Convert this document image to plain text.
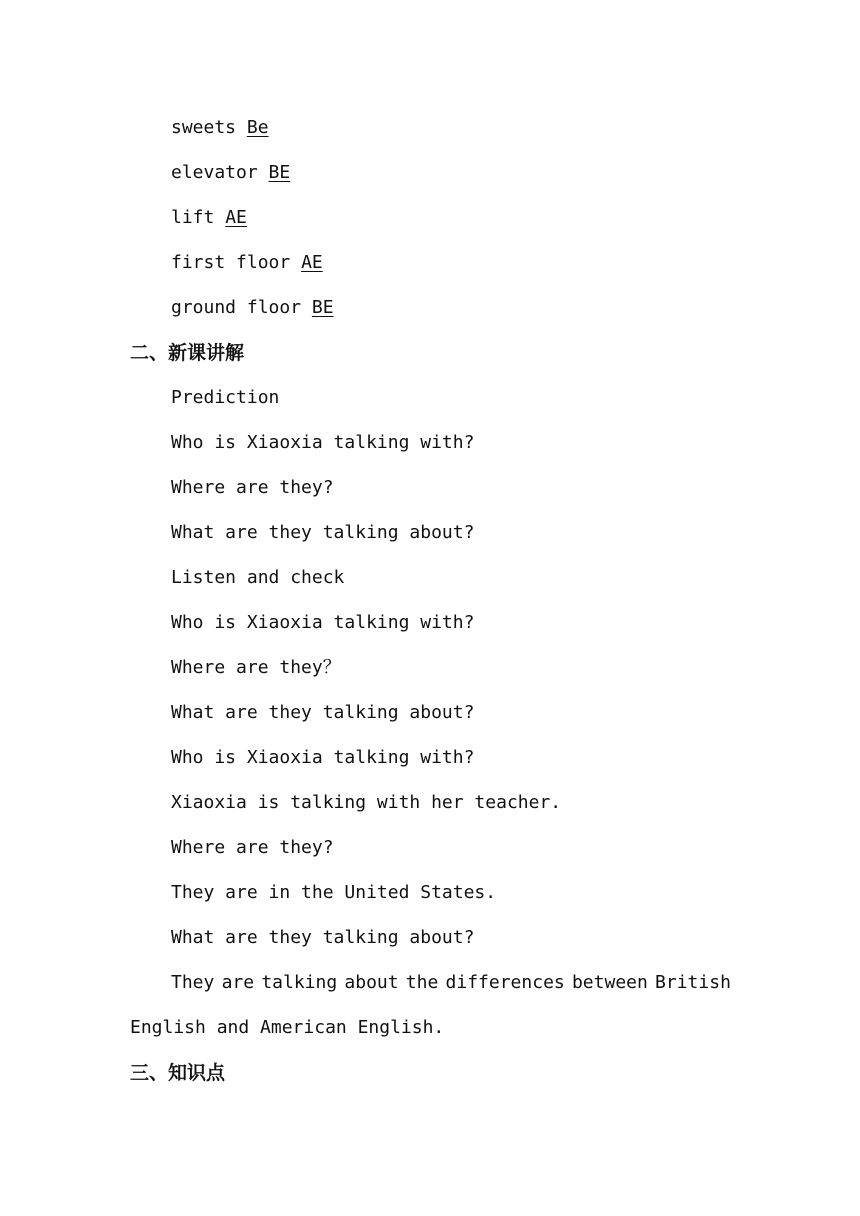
sweets Be
elevator BE
lift AE
first floor AE
ground floor BE
二、新课讲解
Prediction
Who is Xiaoxia talking with?
Where are they?
What are they talking about?
Listen and check
Who is Xiaoxia talking with?
Where are they？
What are they talking about?
Who is Xiaoxia talking with?
Xiaoxia is talking with her teacher.
Where are they?
They are in the United States.
What are they talking about?
They are talking about the differences between British
English and American English.
三、知识点
